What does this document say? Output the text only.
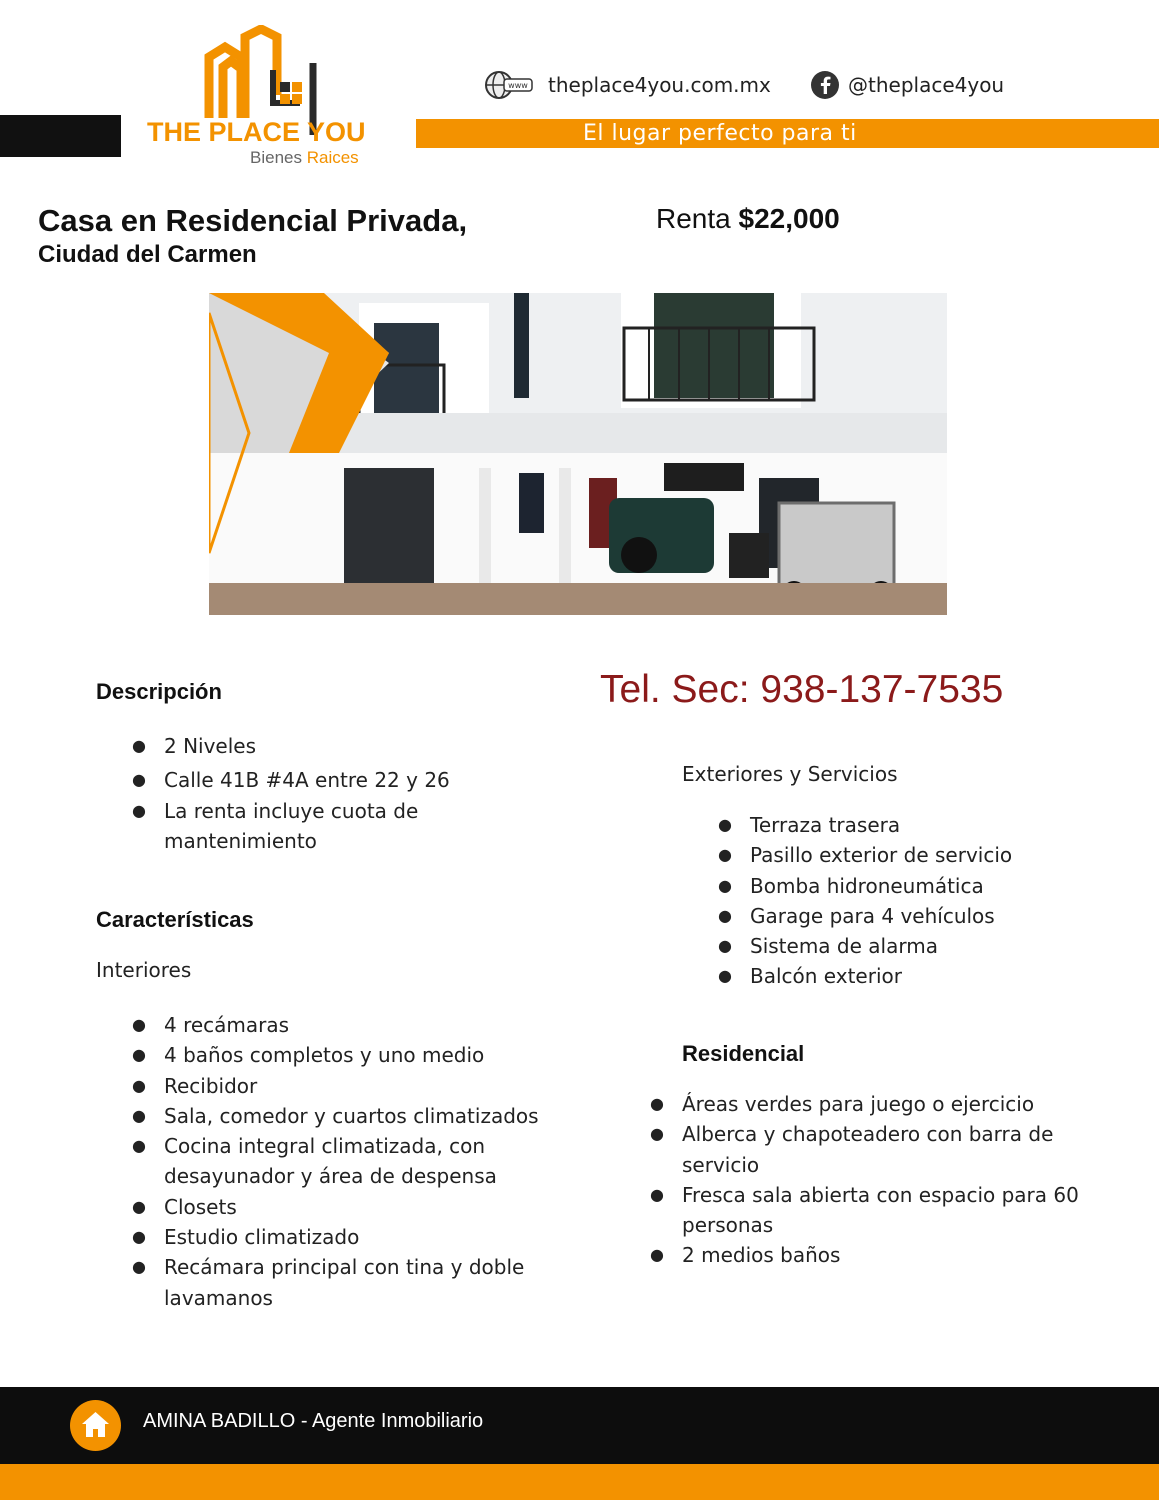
El lugar perfecto para ti
THE PLACE YOU
Bienes Raices
www theplace4you.com.mx	@theplace4you
Casa en Residencial Privada,
Ciudad del Carmen
Renta $22,000
Descripción
● 2 Niveles
● Calle 41B #4A entre 22 y 26
● La renta incluye cuota de
mantenimiento
Características
Interiores
● 4 recámaras
● 4 baños completos y uno medio
● Recibidor
● Sala, comedor y cuartos climatizados
● Cocina integral climatizada, con
desayunador y área de despensa
● Closets
● Estudio climatizado
● Recámara principal con tina y doble
lavamanos
Tel. Sec: 938-137-7535
Exteriores y Servicios
● Terraza trasera
● Pasillo exterior de servicio
● Bomba hidroneumática
● Garage para 4 vehículos
● Sistema de alarma
● Balcón exterior
Residencial
● Áreas verdes para juego o ejercicio
● Alberca y chapoteadero con barra de
servicio
● Fresca sala abierta con espacio para 60
personas
● 2 medios baños
AMINA BADILLO - Agente Inmobiliario
